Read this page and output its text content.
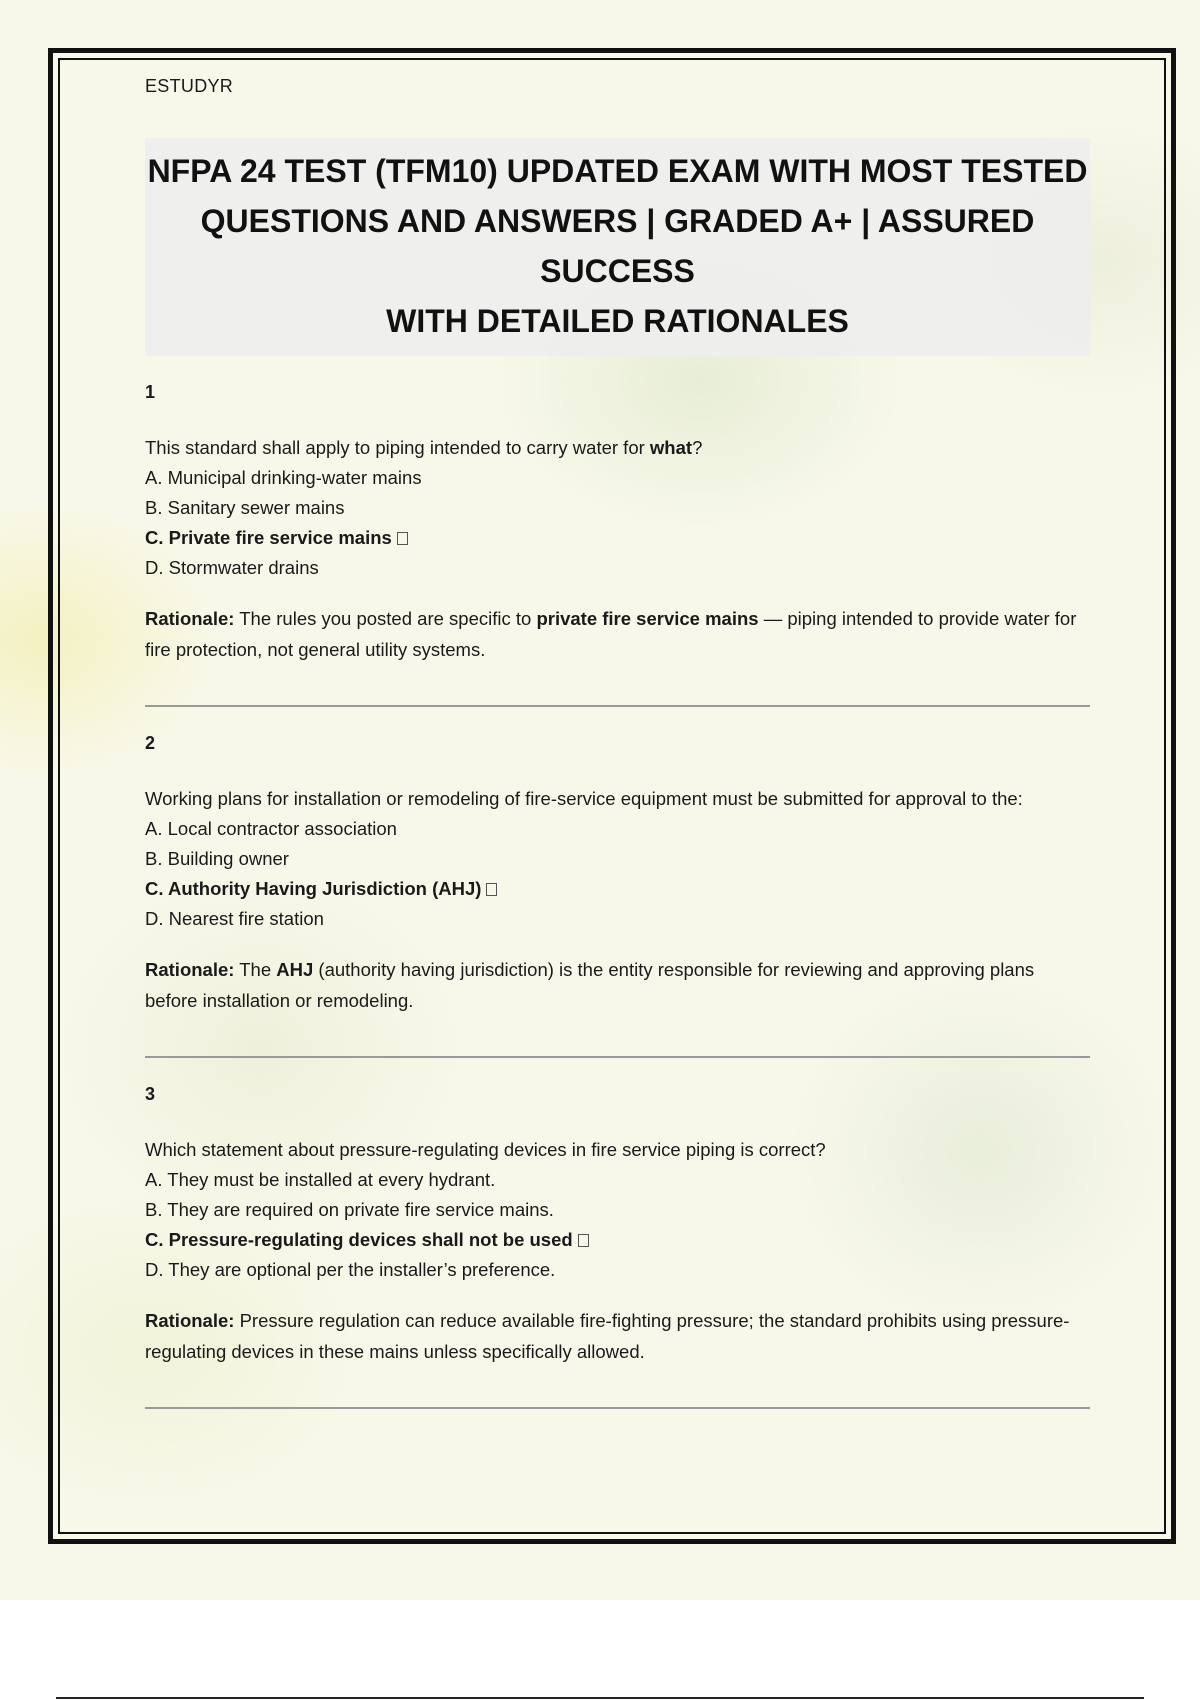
ESTUDYR
NFPA 24 TEST (TFM10) UPDATED EXAM WITH MOST TESTED
QUESTIONS AND ANSWERS | GRADED A+ | ASSURED SUCCESS
WITH DETAILED RATIONALES
1
This standard shall apply to piping intended to carry water for what?
A. Municipal drinking-water mains
B. Sanitary sewer mains
C. Private fire service mains
D. Stormwater drains
Rationale: The rules you posted are specific to private fire service mains — piping intended to provide water for fire protection, not general utility systems.
2
Working plans for installation or remodeling of fire-service equipment must be submitted for approval to the:
A. Local contractor association
B. Building owner
C. Authority Having Jurisdiction (AHJ)
D. Nearest fire station
Rationale: The AHJ (authority having jurisdiction) is the entity responsible for reviewing and approving plans before installation or remodeling.
3
Which statement about pressure-regulating devices in fire service piping is correct?
A. They must be installed at every hydrant.
B. They are required on private fire service mains.
C. Pressure-regulating devices shall not be used
D. They are optional per the installer’s preference.
Rationale: Pressure regulation can reduce available fire-fighting pressure; the standard prohibits using pressure-regulating devices in these mains unless specifically allowed.
